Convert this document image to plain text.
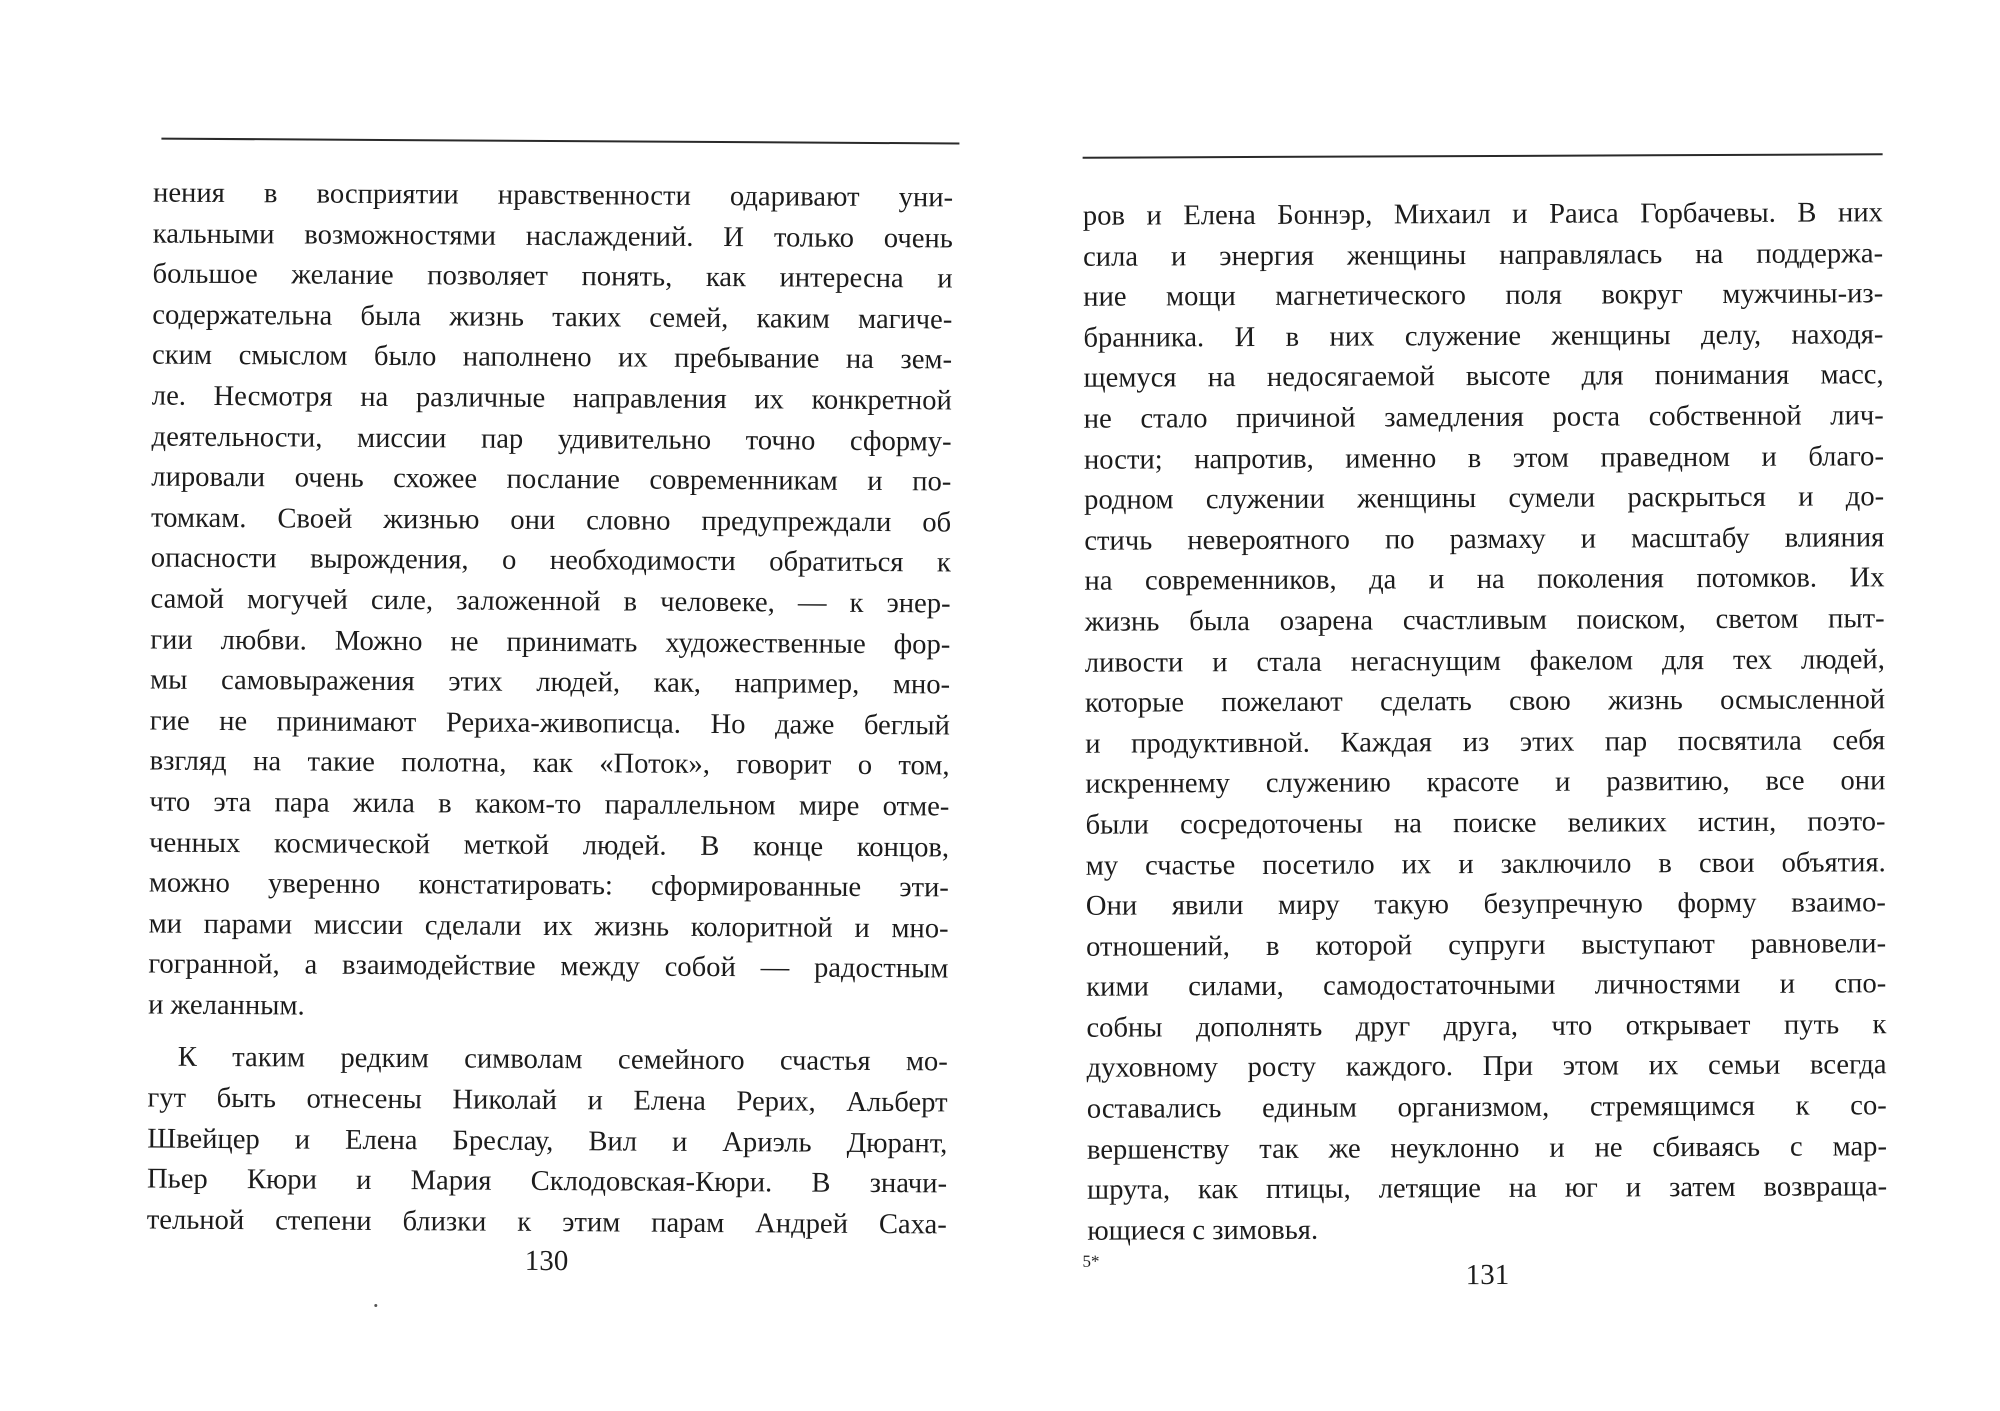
нения в восприятии нравственности одаривают уни-
кальными возможностями наслаждений. И только очень
большое желание позволяет понять, как интересна и
содержательна была жизнь таких семей, каким магиче-
ским смыслом было наполнено их пребывание на зем-
ле. Несмотря на различные направления их конкретной
деятельности, миссии пар удивительно точно сформу-
лировали очень схожее послание современникам и по-
томкам. Своей жизнью они словно предупреждали об
опасности вырождения, о необходимости обратиться к
самой могучей силе, заложенной в человеке, — к энер-
гии любви. Можно не принимать художественные фор-
мы самовыражения этих людей, как, например, мно-
гие не принимают Рериха-живописца. Но даже беглый
взгляд на такие полотна, как «Поток», говорит о том,
что эта пара жила в каком-то параллельном мире отме-
ченных космической меткой людей. В конце концов,
можно уверенно констатировать: сформированные эти-
ми парами миссии сделали их жизнь колоритной и мно-
гогранной, а взаимодействие между собой — радостным
и желанным.
К таким редким символам семейного счастья мо-
гут быть отнесены Николай и Елена Рерих, Альберт
Швейцер и Елена Бреслау, Вил и Ариэль Дюрант,
Пьер Кюри и Мария Склодовская-Кюри. В значи-
тельной степени близки к этим парам Андрей Саха-
130
ров и Елена Боннэр, Михаил и Раиса Горбачевы. В них
сила и энергия женщины направлялась на поддержа-
ние мощи магнетического поля вокруг мужчины-из-
бранника. И в них служение женщины делу, находя-
щемуся на недосягаемой высоте для понимания масс,
не стало причиной замедления роста собственной лич-
ности; напротив, именно в этом праведном и благо-
родном служении женщины сумели раскрыться и до-
стичь невероятного по размаху и масштабу влияния
на современников, да и на поколения потомков. Их
жизнь была озарена счастливым поиском, светом пыт-
ливости и стала негаснущим факелом для тех людей,
которые пожелают сделать свою жизнь осмысленной
и продуктивной. Каждая из этих пар посвятила себя
искреннему служению красоте и развитию, все они
были сосредоточены на поиске великих истин, поэто-
му счастье посетило их и заключило в свои объятия.
Они явили миру такую безупречную форму взаимо-
отношений, в которой супруги выступают равновели-
кими силами, самодостаточными личностями и спо-
собны дополнять друг друга, что открывает путь к
духовному росту каждого. При этом их семьи всегда
оставались единым организмом, стремящимся к со-
вершенству так же неуклонно и не сбиваясь с мар-
шрута, как птицы, летящие на юг и затем возвраща-
ющиеся с зимовья.
5*	131
